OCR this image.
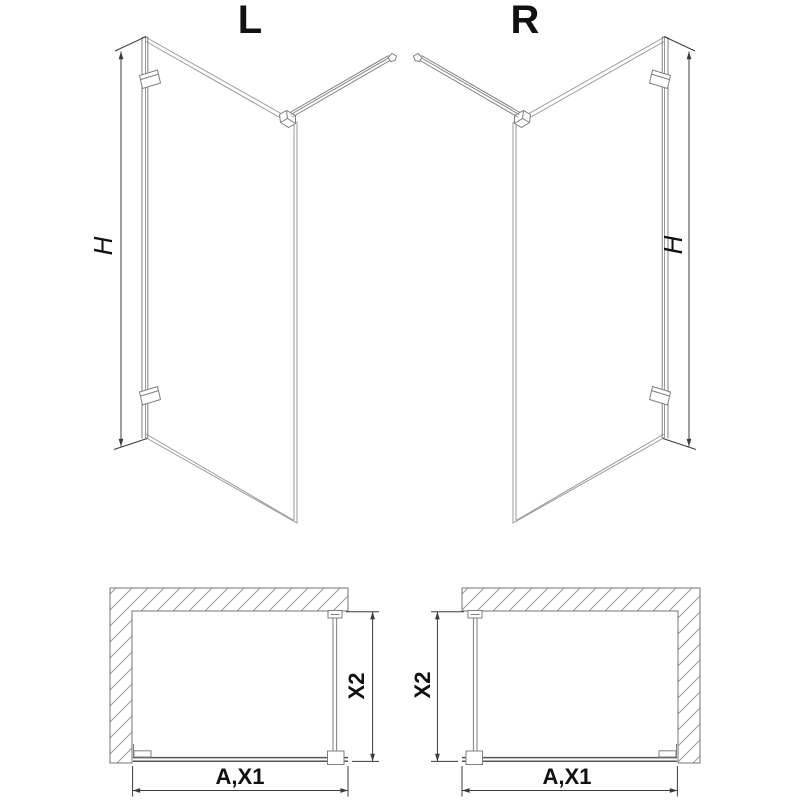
L	R
H	H
X2 X2
A,X1	A,X1
